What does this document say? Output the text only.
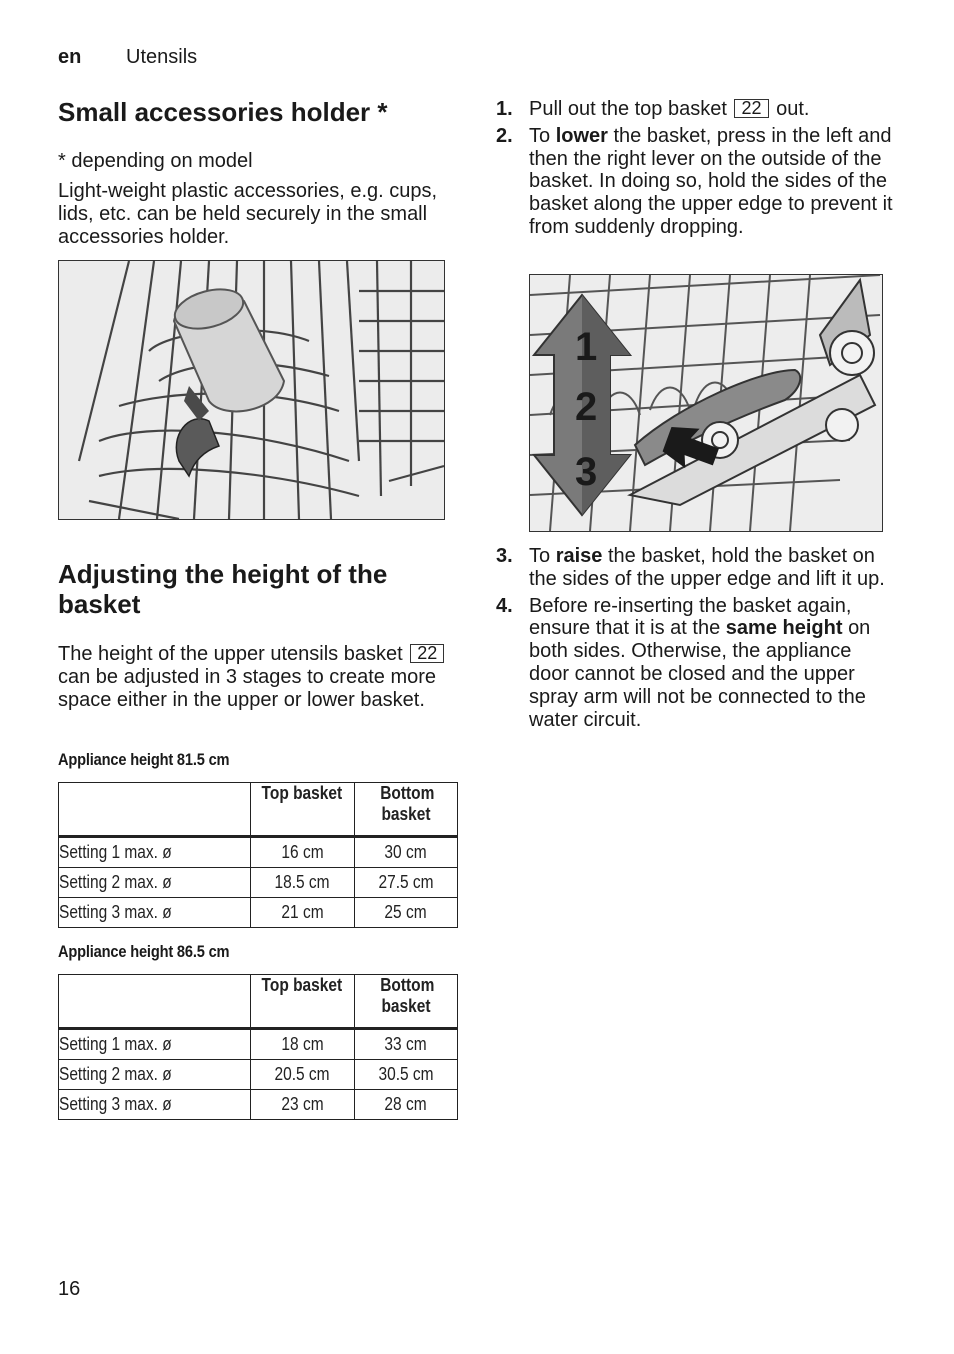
en Utensils
Small accessories holder *
* depending on model
Light-weight plastic accessories, e.g. cups, lids, etc. can be held securely in the small accessories holder.
Adjusting the height of the basket
The height of the upper utensils basket 22 can be adjusted in 3 stages to create more space either in the upper or lower basket.
Appliance height 81.5 cm
	Top basket	Bottom basket
Setting 1 max. ø	16 cm	30 cm
Setting 2 max. ø	18.5 cm	27.5 cm
Setting 3 max. ø	21 cm	25 cm
Appliance height 86.5 cm
	Top basket	Bottom basket
Setting 1 max. ø	18 cm	33 cm
Setting 2 max. ø	20.5 cm	30.5 cm
Setting 3 max. ø	23 cm	28 cm
1. Pull out the top basket 22 out.
2. To lower the basket, press in the left and then the right lever on the outside of the basket. In doing so, hold the sides of the basket along the upper edge to prevent it from suddenly dropping.
1
2
3
3. To raise the basket, hold the basket on the sides of the upper edge and lift it up.
4. Before re-inserting the basket again, ensure that it is at the same height on both sides. Otherwise, the appliance door cannot be closed and the upper spray arm will not be connected to the water circuit.
16
